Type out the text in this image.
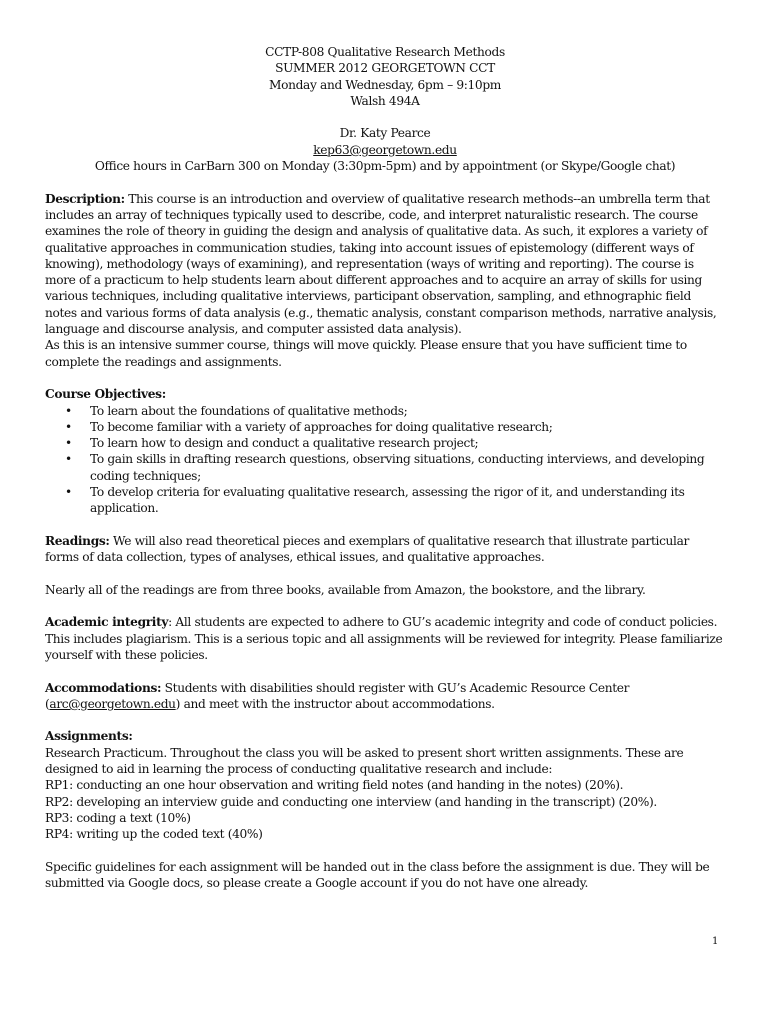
CCTP-808 Qualitative Research Methods
SUMMER 2012 GEORGETOWN CCT
Monday and Wednesday, 6pm – 9:10pm
Walsh 494A
Dr. Katy Pearce
kep63@georgetown.edu
Office hours in CarBarn 300 on Monday (3:30pm-5pm) and by appointment (or Skype/Google chat)

Description: This course is an introduction and overview of qualitative research methods--an umbrella term that includes an array of techniques typically used to describe, code, and interpret naturalistic research. The course examines the role of theory in guiding the design and analysis of qualitative data. As such, it explores a variety of qualitative approaches in communication studies, taking into account issues of epistemology (different ways of knowing), methodology (ways of examining), and representation (ways of writing and reporting). The course is more of a practicum to help students learn about different approaches and to acquire an array of skills for using various techniques, including qualitative interviews, participant observation, sampling, and ethnographic field notes and various forms of data analysis (e.g., thematic analysis, constant comparison methods, narrative analysis, language and discourse analysis, and computer assisted data analysis).

As this is an intensive summer course, things will move quickly. Please ensure that you have sufficient time to complete the readings and assignments.

Course Objectives:

• To learn about the foundations of qualitative methods;
• To become familiar with a variety of approaches for doing qualitative research;
• To learn how to design and conduct a qualitative research project;
• To gain skills in drafting research questions, observing situations, conducting interviews, and developing coding techniques;
• To develop criteria for evaluating qualitative research, assessing the rigor of it, and understanding its application.

Readings: We will also read theoretical pieces and exemplars of qualitative research that illustrate particular forms of data collection, types of analyses, ethical issues, and qualitative approaches.

Nearly all of the readings are from three books, available from Amazon, the bookstore, and the library.

Academic integrity: All students are expected to adhere to GU’s academic integrity and code of conduct policies. This includes plagiarism. This is a serious topic and all assignments will be reviewed for integrity. Please familiarize yourself with these policies.

Accommodations: Students with disabilities should register with GU’s Academic Resource Center (arc@georgetown.edu) and meet with the instructor about accommodations.

Assignments:

Research Practicum. Throughout the class you will be asked to present short written assignments. These are designed to aid in learning the process of conducting qualitative research and include:

RP1: conducting an one hour observation and writing field notes (and handing in the notes) (20%).

RP2: developing an interview guide and conducting one interview (and handing in the transcript) (20%).

RP3: coding a text (10%)

RP4: writing up the coded text (40%)

Specific guidelines for each assignment will be handed out in the class before the assignment is due. They will be submitted via Google docs, so please create a Google account if you do not have one already.

1
